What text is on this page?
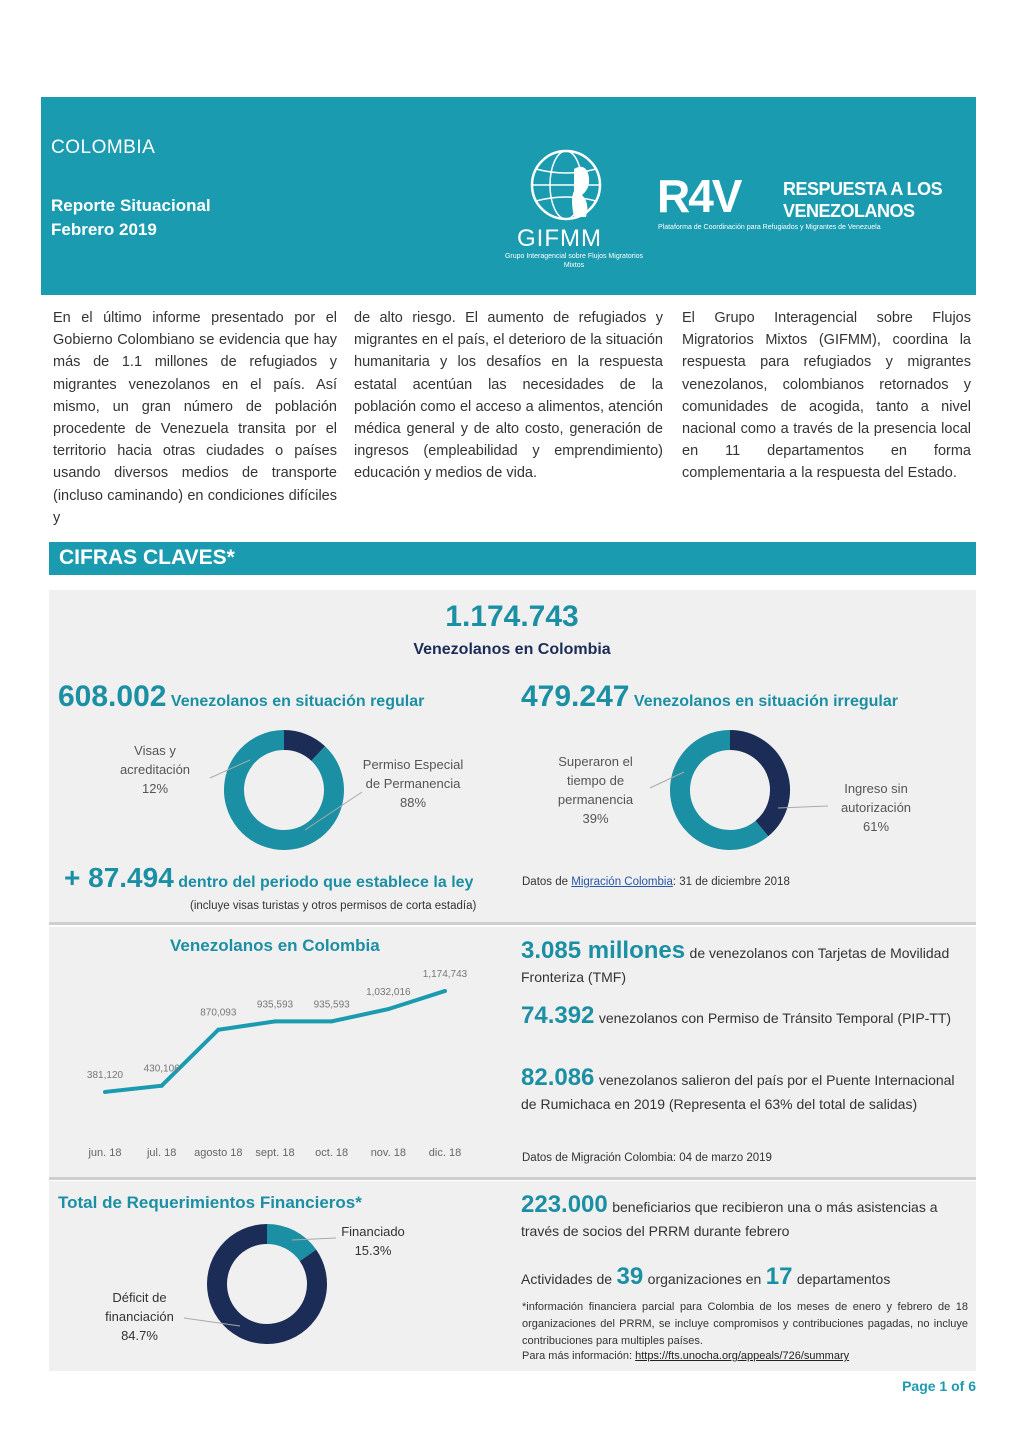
COLOMBIA
Reporte Situacional
Febrero 2019	GIFMM
Grupo Interagencial sobre Flujos Migratorios Mixtos
R4V RESPUESTA A LOS
VENEZOLANOS
Plataforma de Coordinación para Refugiados y Migrantes de Venezuela
En el último informe presentado por el Gobierno Colombiano se evidencia que hay más de 1.1 millones de refugiados y migrantes venezolanos en el país. Así mismo, un gran número de población procedente de Venezuela transita por el territorio hacia otras ciudades o países usando diversos medios de transporte (incluso caminando) en condiciones difíciles y
de alto riesgo. El aumento de refugiados y migrantes en el país, el deterioro de la situación humanitaria y los desafíos en la respuesta estatal acentúan las necesidades de la población como el acceso a alimentos, atención médica general y de alto costo, generación de ingresos (empleabilidad y emprendimiento) educación y medios de vida.
El Grupo Interagencial sobre Flujos Migratorios Mixtos (GIFMM), coordina la respuesta para refugiados y migrantes venezolanos, colombianos retornados y comunidades de acogida, tanto a nivel nacional como a través de la presencia local en 11 departamentos en forma complementaria a la respuesta del Estado.
CIFRAS CLAVES*
1.174.743
Venezolanos en Colombia
608.002 Venezolanos en situación regular	479.247 Venezolanos en situación irregular
Visas y acreditación
12%
Permiso Especial de Permanencia
88%
Superaron el tiempo de permanencia
39%
Ingreso sin autorización
61%
+ 87.494 dentro del periodo que establece la ley
(incluye visas turistas y otros permisos de corta estadía)
Datos de Migración Colombia: 31 de diciembre 2018
Venezolanos en Colombia
381,120
jun. 18
430,106
jul. 18
870,093
agosto 18
935,593
sept. 18
935,593
oct. 18
1,032,016
nov. 18
1,174,743
dic. 18
3.085 millones de venezolanos con Tarjetas de Movilidad Fronteriza (TMF)
74.392 venezolanos con Permiso de Tránsito Temporal (PIP-TT)
82.086 venezolanos salieron del país por el Puente Internacional de Rumichaca en 2019 (Representa el 63% del total de salidas)
Datos de Migración Colombia: 04 de marzo 2019
Total de Requerimientos Financieros*
Financiado
15.3%
Déficit de financiación
84.7%
223.000 beneficiarios que recibieron una o más asistencias a través de socios del PRRM durante febrero
Actividades de 39 organizaciones en 17 departamentos
*información financiera parcial para Colombia de los meses de enero y febrero de 18 organizaciones del PRRM, se incluye compromisos y contribuciones pagadas, no incluye contribuciones para multiples países.
Para más información: https://fts.unocha.org/appeals/726/summary
Page 1 of 6
